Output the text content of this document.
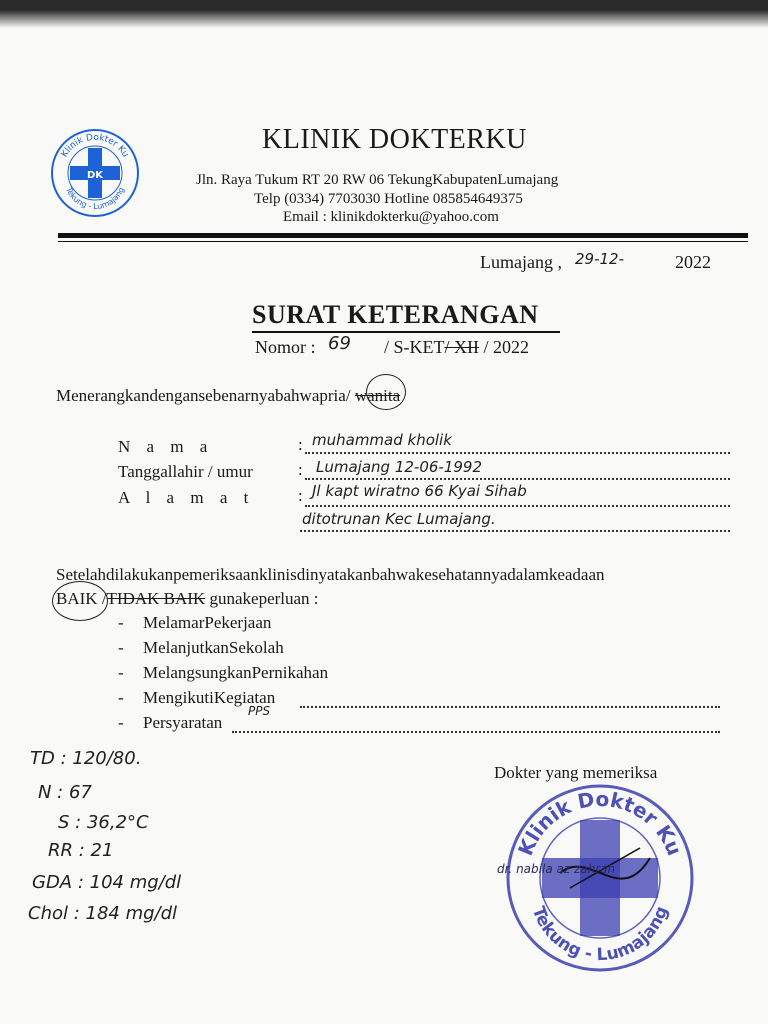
DK
Klinik Dokter Ku
Tekung - Lumajang
KLINIK DOKTERKU
Jln. Raya Tukum RT 20 RW 06 TekungKabupatenLumajang
Telp (0334) 7703030 Hotline 085854649375
Email : klinikdokterku@yahoo.com
Lumajang , 29-12-	2022
SURAT KETERANGAN
Nomor : 69 / S-KET/ XII / 2022
Menerangkandengansebenarnyabahwapria/ wanita
N a m a	: muhammad kholik
Tanggallahir / umur	: Lumajang 12-06-1992
A l a m a t	: Jl kapt wiratno 66 Kyai Sihab
ditotrunan Kec Lumajang.
Setelahdilakukanpemeriksaanklinisdinyatakanbahwakesehatannyadalamkeadaan
BAIK /TIDAK BAIK gunakeperluan :
- MelamarPekerjaan
- MelanjutkanSekolah
- MelangsungkanPernikahan
- MengikutiKegiatan
- Persyaratan
PPS
Dokter yang memeriksa
TD : 120/80.
N : 67
S : 36,2°C
RR : 21
GDA : 104 mg/dl
Chol : 184 mg/dl
Klinik Dokter Ku
Tekung - Lumajang
dr. nabila az zahrah
